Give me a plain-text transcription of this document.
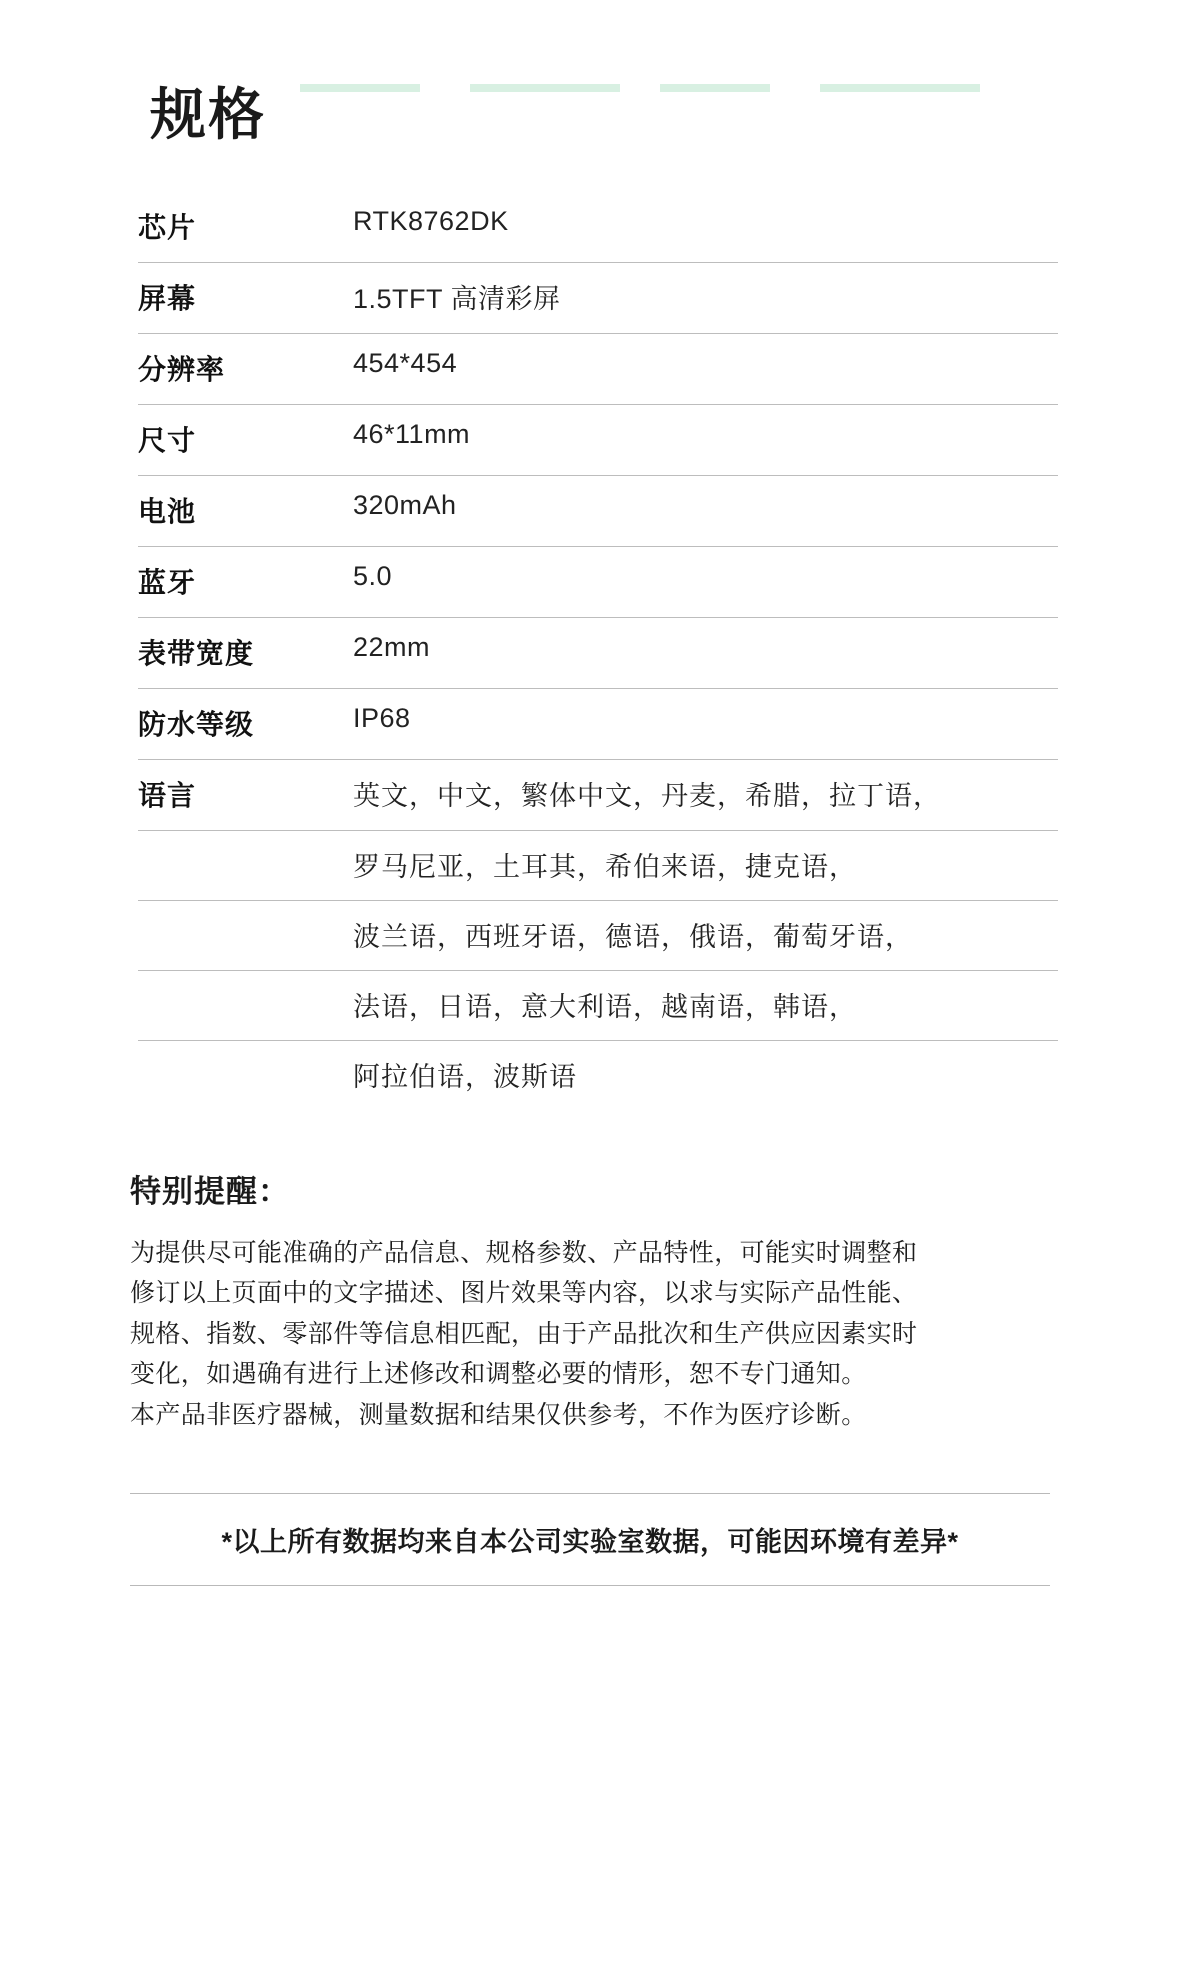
规格
芯片	RTK8762DK
屏幕	1.5TFT 高清彩屏
分辨率	454*454
尺寸	46*11mm
电池	320mAh
蓝牙	5.0
表带宽度	22mm
防水等级	IP68
语言	英文，中文，繁体中文，丹麦，希腊，拉丁语，
	罗马尼亚，土耳其，希伯来语，捷克语，
	波兰语，西班牙语，德语，俄语，葡萄牙语，
	法语，日语，意大利语，越南语，韩语，
	阿拉伯语，波斯语
特别提醒：

为提供尽可能准确的产品信息、规格参数、产品特性，可能实时调整和

修订以上页面中的文字描述、图片效果等内容，以求与实际产品性能、

规格、指数、零部件等信息相匹配，由于产品批次和生产供应因素实时

变化，如遇确有进行上述修改和调整必要的情形，恕不专门通知。

本产品非医疗器械，测量数据和结果仅供参考，不作为医疗诊断。

*以上所有数据均来自本公司实验室数据，可能因环境有差异*
